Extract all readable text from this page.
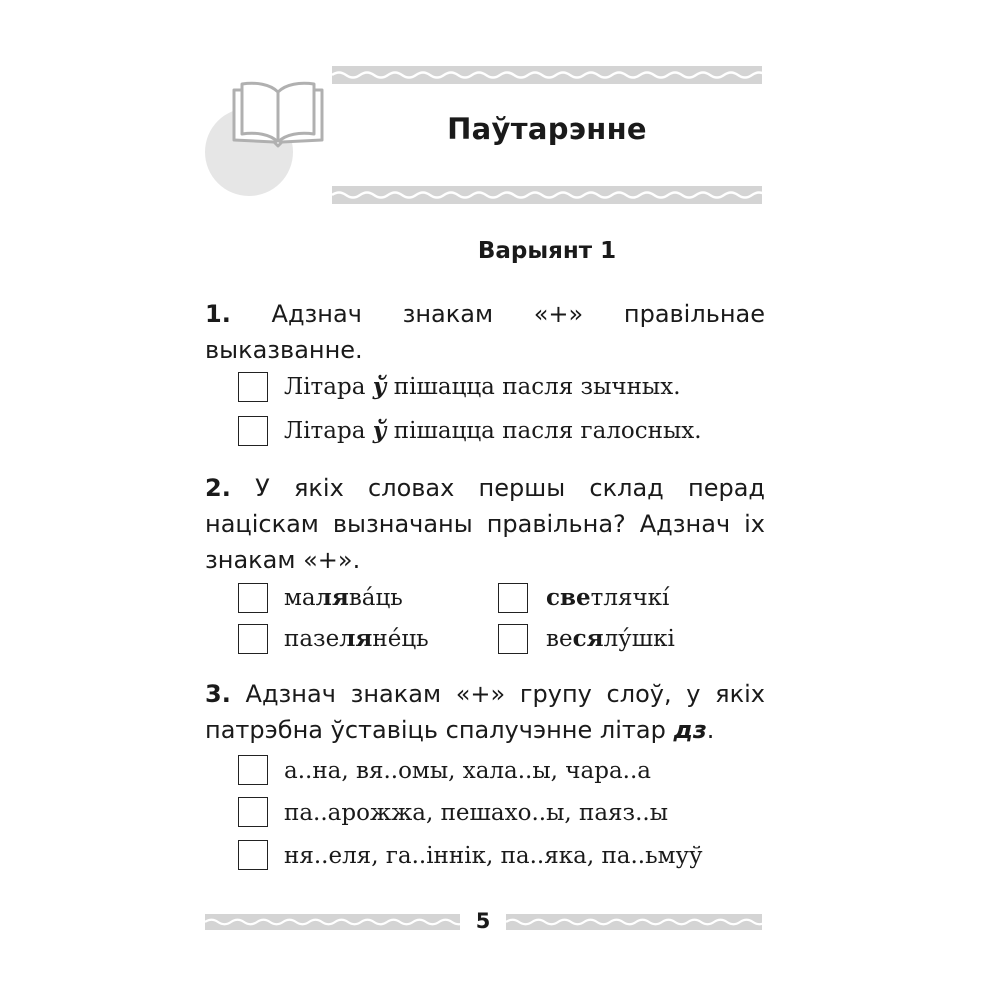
Паўтарэнне
Варыянт 1
1. Адзнач знакам «+» правільнае выказванне.
Літара ў пішацца пасля зычных.
Літара ў пішацца пасля галосных.
2. У якіх словах першы склад перад націскам вызначаны правільна? Адзнач іх знакам «+».
малява́ць	светлячкі́
пазеляне́ць	весялу́шкі
3. Адзнач знакам «+» групу слоў, у якіх патрэбна ўставіць спалучэнне літар дз.
а..на, вя..омы, хала..ы, чара..а
па..арожжа, пешахо..ы, паяз..ы
ня..еля, га..іннік, па..яка, па..ьмуў
5
